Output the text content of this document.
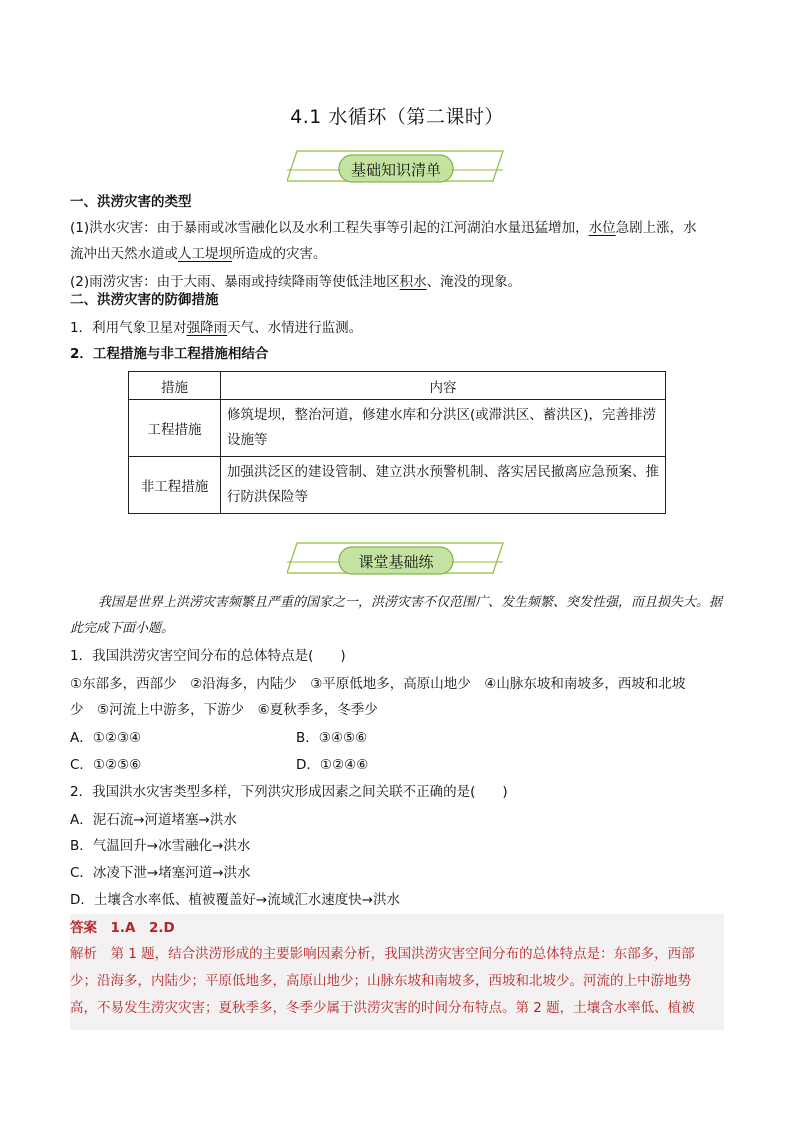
4.1 水循环（第二课时）
基础知识清单
一、洪涝灾害的类型
(1)洪水灾害：由于暴雨或冰雪融化以及水利工程失事等引起的江河湖泊水量迅猛增加，水位急剧上涨，水
流冲出天然水道或人工堤坝所造成的灾害。
(2)雨涝灾害：由于大雨、暴雨或持续降雨等使低洼地区积水、淹没的现象。
二、洪涝灾害的防御措施
1．利用气象卫星对强降雨天气、水情进行监测。
2．工程措施与非工程措施相结合
措施	内容
工程措施	修筑堤坝，整治河道，修建水库和分洪区(或滞洪区、蓄洪区)，完善排涝设施等
非工程措施	加强洪泛区的建设管制、建立洪水预警机制、落实居民撤离应急预案、推行防洪保险等
课堂基础练
我国是世界上洪涝灾害频繁且严重的国家之一，洪涝灾害不仅范围广、发生频繁、突发性强，而且损失大。据此完成下面小题。
1．我国洪涝灾害空间分布的总体特点是(　　)
①东部多，西部少　②沿海多，内陆少　③平原低地多，高原山地少　④山脉东坡和南坡多，西坡和北坡
少　⑤河流上中游多，下游少　⑥夏秋季多，冬季少
A．①②③④	B．③④⑤⑥
C．①②⑤⑥	D．①②④⑥
2．我国洪水灾害类型多样，下列洪灾形成因素之间关联不正确的是(　　)
A．泥石流→河道堵塞→洪水
B．气温回升→冰雪融化→洪水
C．冰凌下泄→堵塞河道→洪水
D．土壤含水率低、植被覆盖好→流域汇水速度快→洪水
答案　1.A　2.D
解析　第 1 题，结合洪涝形成的主要影响因素分析，我国洪涝灾害空间分布的总体特点是：东部多，西部
少；沿海多，内陆少；平原低地多，高原山地少；山脉东坡和南坡多，西坡和北坡少。河流的上中游地势
高，不易发生涝灾灾害；夏秋季多，冬季少属于洪涝灾害的时间分布特点。第 2 题，土壤含水率低、植被
